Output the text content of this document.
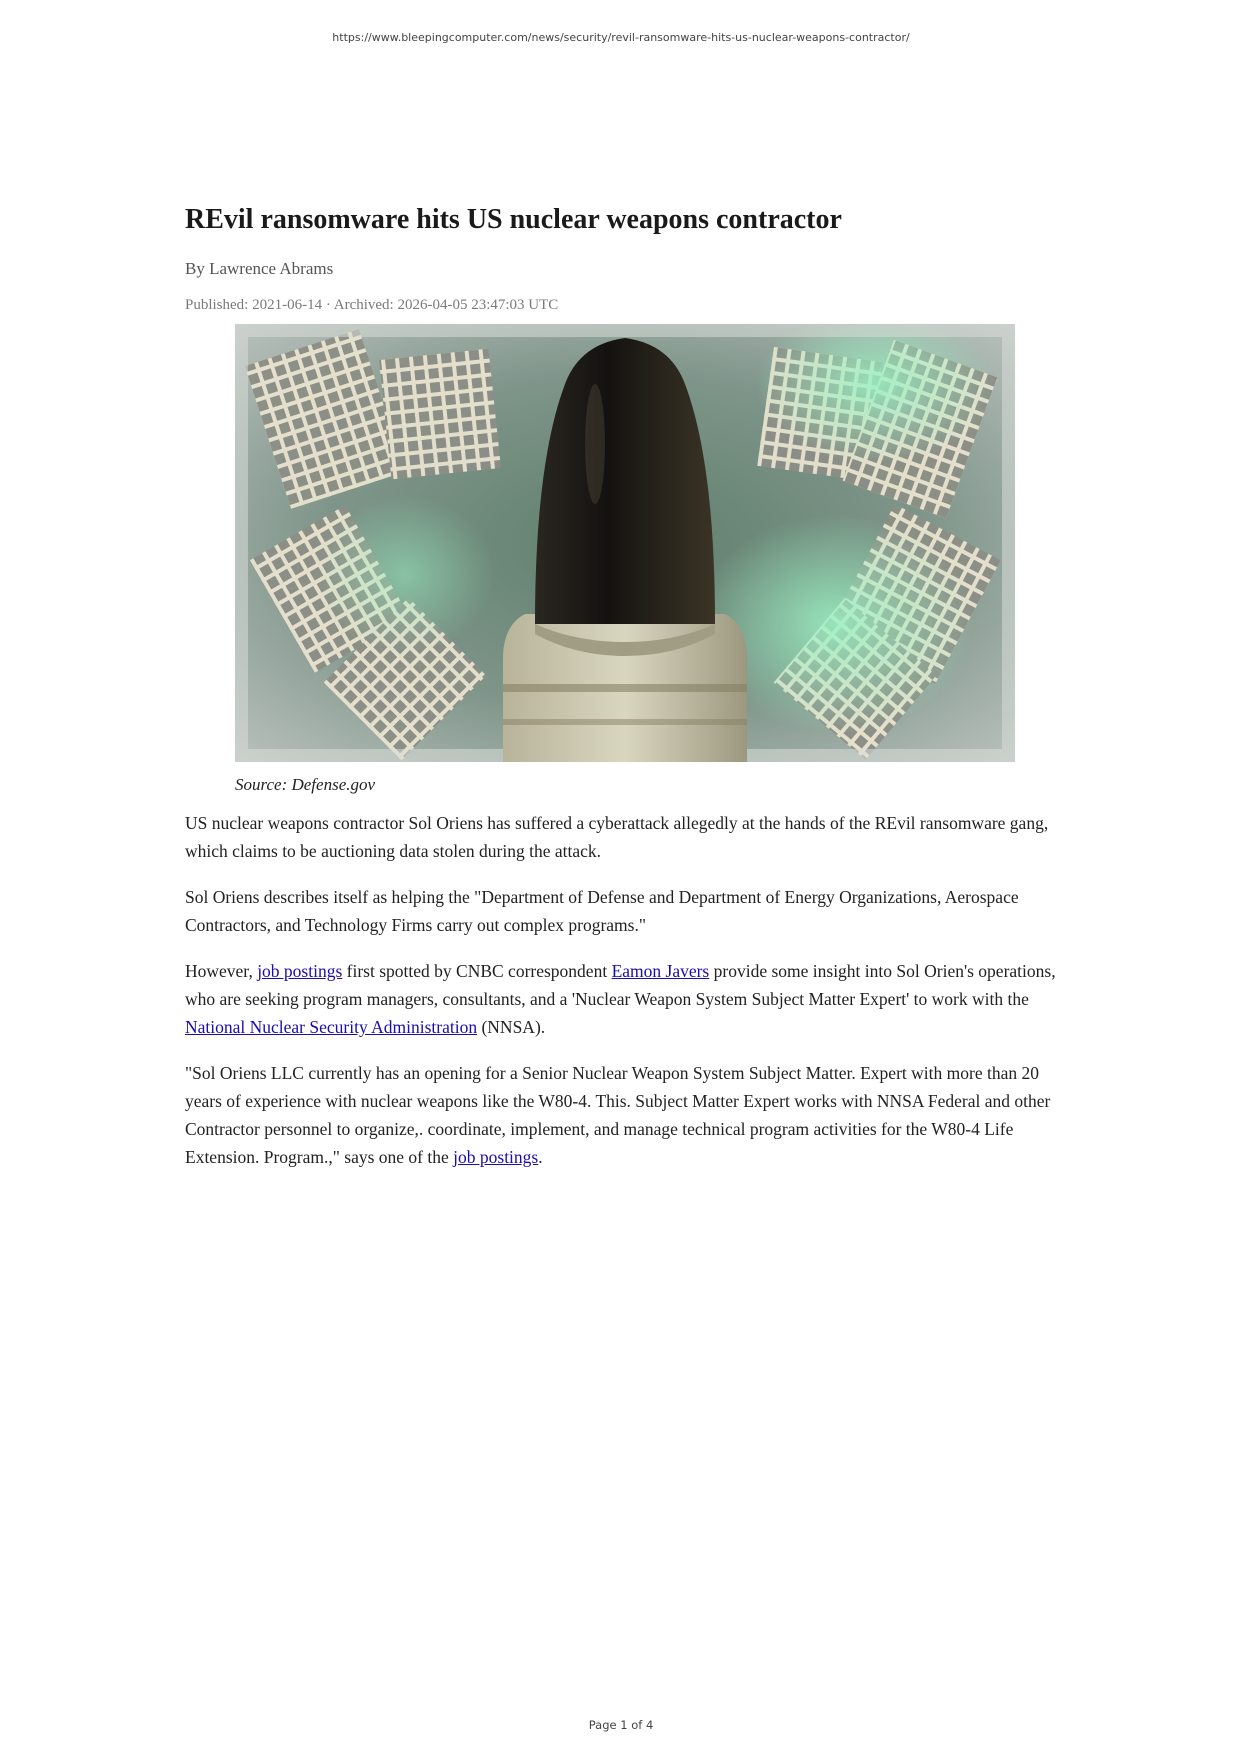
https://www.bleepingcomputer.com/news/security/revil-ransomware-hits-us-nuclear-weapons-contractor/
REvil ransomware hits US nuclear weapons contractor
By Lawrence Abrams
Published: 2021-06-14 · Archived: 2026-04-05 23:47:03 UTC
Source: Defense.gov

US nuclear weapons contractor Sol Oriens has suffered a cyberattack allegedly at the hands of the REvil ransomware gang, which claims to be auctioning data stolen during the attack.

Sol Oriens describes itself as helping the "Department of Defense and Department of Energy Organizations, Aerospace Contractors, and Technology Firms carry out complex programs."

However, job postings first spotted by CNBC correspondent Eamon Javers provide some insight into Sol Orien's operations, who are seeking program managers, consultants, and a 'Nuclear Weapon System Subject Matter Expert' to work with the National Nuclear Security Administration (NNSA).

"Sol Oriens LLC currently has an opening for a Senior Nuclear Weapon System Subject Matter. Expert with more than 20 years of experience with nuclear weapons like the W80-4. This. Subject Matter Expert works with NNSA Federal and other Contractor personnel to organize,. coordinate, implement, and manage technical program activities for the W80-4 Life Extension. Program.," says one of the job postings.

Page 1 of 4
